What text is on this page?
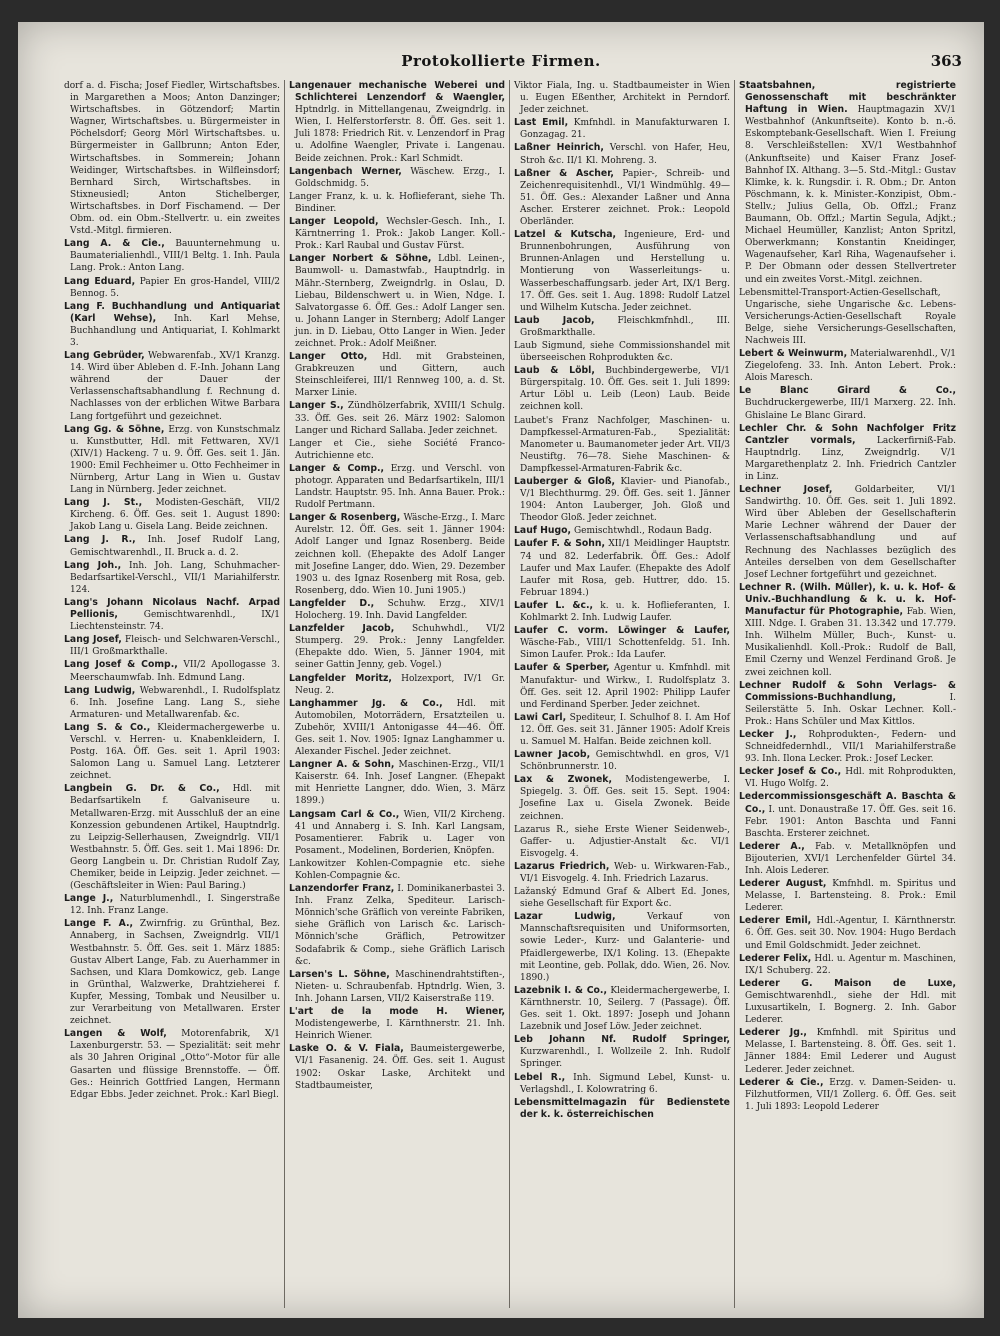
Protokollierte Firmen.	363

dorf a. d. Fischa; Josef Fiedler, Wirtschaftsbes. in Margarethen a Moos; Anton Danzinger; Wirtschaftsbes. in Götzendorf; Martin Wagner, Wirtschaftsbes. u. Bürgermeister in Pöchelsdorf; Georg Mörl Wirtschaftsbes. u. Bürgermeister in Gallbrunn; Anton Eder, Wirtschaftsbes. in Sommerein; Johann Weidinger, Wirtschaftsbes. in Wilfleinsdorf; Bernhard Sirch, Wirtschaftsbes. in Stixneusiedl; Anton Stichelberger, Wirtschaftsbes. in Dorf Fischamend. — Der Obm. od. ein Obm.-Stellvertr. u. ein zweites Vstd.-Mitgl. firmieren.

Lang A. & Cie., Bauunternehmung u. Baumaterialienhdl., VIII/1 Beltg. 1. Inh. Paula Lang. Prok.: Anton Lang.

Lang Eduard, Papier En gros-Handel, VIII/2 Bennog. 5.

Lang F. Buchhandlung und Antiquariat (Karl Wehse), Inh. Karl Mehse, Buchhandlung und Antiquariat, I. Kohlmarkt 3.

Lang Gebrüder, Webwarenfab., XV/1 Kranzg. 14. Wird über Ableben d. F.-Inh. Johann Lang während der Dauer der Verlassenschaftsabhandlung f. Rechnung d. Nachlasses von der erblichen Witwe Barbara Lang fortgeführt und gezeichnet.

Lang Gg. & Söhne, Erzg. von Kunstschmalz u. Kunstbutter, Hdl. mit Fettwaren, XV/1 (XIV/1) Hackeng. 7 u. 9. Öff. Ges. seit 1. Jän. 1900: Emil Fechheimer u. Otto Fechheimer in Nürnberg, Artur Lang in Wien u. Gustav Lang in Nürnberg. Jeder zeichnet.

Lang J. St., Modisten-Geschäft, VII/2 Kircheng. 6. Öff. Ges. seit 1. August 1890: Jakob Lang u. Gisela Lang. Beide zeichnen.

Lang J. R., Inh. Josef Rudolf Lang, Gemischtwarenhdl., II. Bruck a. d. 2.

Lang Joh., Inh. Joh. Lang, Schuhmacher-Bedarfsartikel-Verschl., VII/1 Mariahilferstr. 124.

Lang's Johann Nicolaus Nachf. Arpad Pellionis,	Gemischtwarenhdl., IX/1 Liechtensteinstr. 74.

Lang Josef, Fleisch- und Selchwaren-Verschl., III/1 Großmarkthalle.

Lang Josef & Comp., VII/2 Apollogasse 3. Meerschaumwfab. Inh. Edmund Lang.

Lang Ludwig, Webwarenhdl., I. Rudolfsplatz 6. Inh. Josefine Lang. Lang S., siehe Armaturen- und Metallwarenfab. &c.

Lang S. & Co., Kleidermachergewerbe u. Verschl. v. Herren- u. Knabenkleidern, I. Postg. 16A. Öff. Ges. seit 1. April 1903: Salomon Lang u. Samuel Lang. Letzterer zeichnet.

Langbein G. Dr. & Co., Hdl. mit Bedarfsartikeln f. Galvaniseure u. Metallwaren-Erzg. mit Ausschluß der an eine Konzession gebundenen Artikel, Hauptndrlg. zu Leipzig-Sellerhausen, Zweigndrlg. VII/1 Westbahnstr. 5. Öff. Ges. seit 1. Mai 1896: Dr. Georg Langbein u. Dr. Christian Rudolf Zay, Chemiker, beide in Leipzig. Jeder zeichnet. — (Geschäftsleiter in Wien: Paul Baring.)

Lange J., Naturblumenhdl., I. Singerstraße 12. Inh. Franz Lange.

Lange F. A., Zwirnfrig. zu Grünthal, Bez. Annaberg, in Sachsen, Zweigndrlg. VII/1 Westbahnstr. 5. Öff. Ges. seit 1. März 1885: Gustav Albert Lange, Fab. zu Auerhammer in Sachsen, und Klara Domkowicz, geb. Lange in Grünthal, Walzwerke, Drahtzieherei f. Kupfer, Messing, Tombak und Neusilber u. zur Verarbeitung von Metallwaren. Erster zeichnet.

Langen & Wolf, Motorenfabrik, X/1 Laxenburgerstr. 53. — Spezialität: seit mehr als 30 Jahren Original „Otto“-Motor für alle Gasarten und flüssige Brennstoffe. — Öff. Ges.: Heinrich Gottfried Langen, Hermann Edgar Ebbs. Jeder zeichnet. Prok.: Karl Biegl.

Langenauer mechanische Weberei und Schlichterei Lenzendorf & Waengler, Hptndrlg. in Mittellangenau, Zweigndrlg. in Wien, I. Helferstorferstr. 8. Öff. Ges. seit 1. Juli 1878: Friedrich Rit. v. Lenzendorf in Prag u. Adolfine Waengler, Private i. Langenau. Beide zeichnen. Prok.: Karl Schmidt.

Langenbach Werner, Wäschew. Erzg., I. Goldschmidg. 5.

Langer Franz, k. u. k. Hoflieferant, siehe Th. Bindiner.

Langer Leopold, Wechsler-Gesch. Inh., I. Kärntnerring 1. Prok.: Jakob Langer. Koll.-Prok.: Karl Raubal und Gustav Fürst.

Langer Norbert & Söhne, Ldbl. Leinen-, Baumwoll- u. Damastwfab., Hauptndrlg. in Mähr.-Sternberg, Zweigndrlg. in Oslau, D. Liebau, Bildenschwert u. in Wien, Ndge. I. Salvatorgasse 6. Öff. Ges.: Adolf Langer sen. u. Johann Langer in Sternberg; Adolf Langer jun. in D. Liebau, Otto Langer in Wien. Jeder zeichnet. Prok.: Adolf Meißner.

Langer Otto, Hdl. mit Grabsteinen, Grabkreuzen und Gittern, auch Steinschleiferei, III/1 Rennweg 100, a. d. St. Marxer Linie.

Langer S., Zündhölzerfabrik, XVIII/1 Schulg. 33. Öff. Ges. seit 26. März 1902: Salomon Langer und Richard Sallaba. Jeder zeichnet.

Langer et Cie., siehe Société Franco-Autrichienne etc.

Langer & Comp., Erzg. und Verschl. von photogr. Apparaten und Bedarfsartikeln, III/1 Landstr. Hauptstr. 95. Inh. Anna Bauer. Prok.: Rudolf Pertmann.

Langer & Rosenberg, Wäsche-Erzg., I. Marc Aurelstr. 12. Öff. Ges. seit 1. Jänner 1904: Adolf Langer und Ignaz Rosenberg. Beide zeichnen koll. (Ehepakte des Adolf Langer mit Josefine Langer, ddo. Wien, 29. Dezember 1903 u. des Ignaz Rosenberg mit Rosa, geb. Rosenberg, ddo. Wien 10. Juni 1905.)

Langfelder D., Schuhw. Erzg., XIV/1 Holocherg. 19. Inh. David Langfelder.

Lanzfelder Jacob, Schuhwhdl., VI/2 Stumperg. 29. Prok.: Jenny Langfelder. (Ehepakte ddo. Wien, 5. Jänner 1904, mit seiner Gattin Jenny, geb. Vogel.)

Langfelder Moritz, Holzexport, IV/1 Gr. Neug. 2.

Langhammer Jg. & Co., Hdl. mit Automobilen, Motorrädern, Ersatzteilen u. Zubehör, XVIII/1 Antonigasse 44—46. Öff. Ges. seit 1. Nov. 1905: Ignaz Langhammer u. Alexander Fischel. Jeder zeichnet.

Langner A. & Sohn, Maschinen-Erzg., VII/1 Kaiserstr. 64. Inh. Josef Langner. (Ehepakt mit Henriette Langner, ddo. Wien, 3. März 1899.)

Langsam Carl & Co., Wien, VII/2 Kircheng. 41 und Annaberg i. S. Inh. Karl Langsam, Posamentierer. Fabrik u. Lager von Posament., Modelinen, Borderien, Knöpfen.

Lankowitzer Kohlen-Compagnie etc. siehe Kohlen-Compagnie &c.

Lanzendorfer Franz, I. Dominikanerbastei 3. Inh. Franz Zelka, Spediteur. Larisch-Mönnich'sche Gräflich von vereinte Fabriken, siehe Gräflich von Larisch &c. Larisch-Mönnich'sche Gräflich, Petrowitzer Sodafabrik & Comp., siehe Gräflich Larisch &c.

Larsen's L. Söhne, Maschinendrahtstiften-, Nieten- u. Schraubenfab. Hptndrlg. Wien, 3. Inh. Johann Larsen, VII/2 Kaiserstraße 119.

L'art de la mode H. Wiener, Modistengewerbe, I. Kärnthnerstr. 21. Inh. Heinrich Wiener.

Laske O. & V. Fiala, Baumeistergewerbe, VI/1 Fasanenig. 24. Öff. Ges. seit 1. August 1902: Oskar Laske, Architekt und Stadtbaumeister,

Viktor Fiala, Ing. u. Stadtbaumeister in Wien u. Eugen Eßenther, Architekt in Perndorf. Jeder zeichnet.

Last Emil, Kmfnhdl. in Manufakturwaren I. Gonzagag. 21.

Laßner Heinrich, Verschl. von Hafer, Heu, Stroh &c. II/1 Kl. Mohreng. 3.

Laßner & Ascher, Papier-, Schreib- und Zeichenrequisitenhdl., VI/1 Windmühlg. 49—51. Öff. Ges.: Alexander Laßner und Anna Ascher. Ersterer zeichnet. Prok.: Leopold Oberländer.

Latzel & Kutscha, Ingenieure, Erd- und Brunnenbohrungen, Ausführung von Brunnen-Anlagen und Herstellung u. Montierung von Wasserleitungs- u. Wasserbeschaffungsarb. jeder Art, IX/1 Berg. 17. Öff. Ges. seit 1. Aug. 1898: Rudolf Latzel und Wilhelm Kutscha. Jeder zeichnet.

Laub Jacob,	Fleischkmfnhdl., III. Großmarkthalle.

Laub Sigmund, siehe Commissionshandel mit überseeischen Rohprodukten &c.

Laub & Löbl, Buchbindergewerbe, VI/1 Bürgerspitalg. 10. Öff. Ges. seit 1. Juli 1899: Artur Löbl u. Leib (Leon) Laub. Beide zeichnen koll.

Laubet's Franz Nachfolger, Maschinen- u. Dampfkessel-Armaturen-Fab., Spezialität: Manometer u. Baumanometer jeder Art. VII/3 Neustiftg. 76—78. Siehe Maschinen- & Dampfkessel-Armaturen-Fabrik &c.

Lauberger & Gloß, Klavier- und Pianofab., V/1 Blechthurmg. 29. Öff. Ges. seit 1. Jänner 1904: Anton Lauberger, Joh. Gloß und Theodor Gloß. Jeder zeichnet.

Lauf Hugo, Gemischtwhdl., Rodaun Badg.

Laufer F. & Sohn, XII/1 Meidlinger Hauptstr. 74 und 82. Lederfabrik. Öff. Ges.: Adolf Laufer und Max Laufer. (Ehepakte des Adolf Laufer mit Rosa, geb. Huttrer, ddo. 15. Februar 1894.)

Laufer L. &c., k. u. k. Hoflieferanten, I. Kohlmarkt 2. Inh. Ludwig Laufer.

Laufer C. vorm. Löwinger & Laufer, Wäsche-Fab., VIII/1 Schottenfeldg. 51. Inh. Simon Laufer. Prok.: Ida Laufer.

Laufer & Sperber, Agentur u. Kmfnhdl. mit Manufaktur- und Wirkw., I. Rudolfsplatz 3. Öff. Ges. seit 12. April 1902: Philipp Laufer und Ferdinand Sperber. Jeder zeichnet.

Lawi Carl, Spediteur, I. Schulhof 8. I. Am Hof 12. Öff. Ges. seit 31. Jänner 1905: Adolf Kreis u. Samuel M. Halfan. Beide zeichnen koll.

Lawner Jacob, Gemischtwhdl. en gros, V/1 Schönbrunnerstr. 10.

Lax & Zwonek, Modistengewerbe, I. Spiegelg. 3. Öff. Ges. seit 15. Sept. 1904: Josefine Lax u. Gisela Zwonek. Beide zeichnen.

Lazarus R., siehe Erste Wiener Seidenweb-, Gaffer- u. Adjustier-Anstalt &c. VI/1 Eisvogelg. 4.

Lazarus Friedrich, Web- u. Wirkwaren-Fab., VI/1 Eisvogelg. 4. Inh. Friedrich Lazarus.

Lažanský Edmund Graf & Albert Ed. Jones, siehe Gesellschaft für Export &c.

Lazar Ludwig,	Verkauf von Mannschaftsrequisiten und Uniformsorten, sowie Leder-, Kurz- und Galanterie- und Pfaidlergewerbe, IX/1 Koling. 13. (Ehepakte mit Leontine, geb. Pollak, ddo. Wien, 26. Nov. 1890.)

Lazebnik I. & Co., Kleidermachergewerbe, I. Kärnthnerstr. 10, Seilerg. 7 (Passage). Öff. Ges. seit 1. Okt. 1897: Joseph und Johann Lazebnik und Josef Löw. Jeder zeichnet.

Leb Johann Nf. Rudolf Springer, Kurzwarenhdl., I. Wollzeile 2. Inh. Rudolf Springer.

Lebel R., Inh. Sigmund Lebel, Kunst- u. Verlagshdl., I. Kolowratring 6.

Lebensmittelmagazin für Bedienstete der k. k. österreichischen

Staatsbahnen, registrierte Genossenschaft mit beschränkter Haftung in Wien. Hauptmagazin XV/1 Westbahnhof (Ankunftseite). Konto b. n.-ö. Eskomptebank-Gesellschaft. Wien I. Freiung 8. Verschleißstellen: XV/1 Westbahnhof (Ankunftseite) und Kaiser Franz Josef-Bahnhof IX. Althang. 3—5. Std.-Mitgl.: Gustav Klimke, k. k. Rungsdir. i. R. Obm.; Dr. Anton Pöschmann, k. k. Minister.-Konzipist, Obm.-Stellv.; Julius Gella, Ob. Offzl.; Franz Baumann, Ob. Offzl.; Martin Segula, Adjkt.; Michael Heumüller, Kanzlist; Anton Spritzl, Oberwerkmann; Konstantin Kneidinger, Wagenaufseher, Karl Riha, Wagenaufseher i. P. Der Obmann oder dessen Stellvertreter und ein zweites Vorst.-Mitgl. zeichnen.

Lebensmittel-Transport-Actien-Gesellschaft, Ungarische, siehe Ungarische &c. Lebens-Versicherungs-Actien-Gesellschaft Royale Belge, siehe Versicherungs-Gesellschaften, Nachweis III.

Lebert & Weinwurm, Materialwarenhdl., V/1 Ziegelofeng. 33. Inh. Anton Lebert. Prok.: Alois Maresch.

Le Blanc Girard & Co., Buchdruckergewerbe, III/1 Marxerg. 22. Inh. Ghislaine Le Blanc Girard.

Lechler Chr. & Sohn Nachfolger Fritz Cantzler vormals, Lackerfirniß-Fab. Hauptndrlg. Linz, Zweigndrlg. V/1 Margarethenplatz 2. Inh. Friedrich Cantzler in Linz.

Lechner Josef, Goldarbeiter, VI/1 Sandwirthg. 10. Öff. Ges. seit 1. Juli 1892. Wird über Ableben der Gesellschafterin Marie Lechner während der Dauer der Verlassenschaftsabhandlung und auf Rechnung des Nachlasses bezüglich des Anteiles derselben von dem Gesellschafter Josef Lechner fortgeführt und gezeichnet.

Lechner R. (Wilh. Müller), k. u. k. Hof- & Univ.-Buchhandlung & k. u. k. Hof-Manufactur für Photographie, Fab. Wien, XIII. Ndge. I. Graben 31. 13.342 und 17.779. Inh. Wilhelm Müller, Buch-, Kunst- u. Musikalienhdl. Koll.-Prok.: Rudolf de Ball, Emil Czerny und Wenzel Ferdinand Groß. Je zwei zeichnen koll.

Lechner Rudolf & Sohn Verlags- & Commissions-Buchhandlung,	I. Seilerstätte 5. Inh. Oskar Lechner. Koll.-Prok.: Hans Schüler und Max Kittlos.

Lecker J., Rohprodukten-, Federn- und Schneidfedernhdl., VII/1 Mariahilferstraße 93. Inh. Ilona Lecker. Prok.: Josef Lecker.

Lecker Josef & Co., Hdl. mit Rohprodukten, VI. Hugo Wolfg. 2.

Ledercommissionsgeschäft A. Baschta & Co., I. unt. Donaustraße 17. Öff. Ges. seit 16. Febr. 1901: Anton Baschta und Fanni Baschta. Ersterer zeichnet.

Lederer A., Fab. v. Metallknöpfen und Bijouterien, XVI/1 Lerchenfelder Gürtel 34. Inh. Alois Lederer.

Lederer August, Kmfnhdl. m. Spiritus und Melasse, I. Bartensteing. 8. Prok.: Emil Lederer.

Lederer Emil, Hdl.-Agentur, I. Kärnthnerstr. 6. Öff. Ges. seit 30. Nov. 1904: Hugo Berdach und Emil Goldschmidt. Jeder zeichnet.

Lederer Felix, Hdl. u. Agentur m. Maschinen, IX/1 Schuberg. 22.

Lederer G. Maison de Luxe, Gemischtwarenhdl., siehe der Hdl. mit Luxusartikeln, I. Bognerg. 2. Inh. Gabor Lederer.

Lederer Jg., Kmfnhdl. mit Spiritus und Melasse, I. Bartensteing. 8. Öff. Ges. seit 1. Jänner 1884: Emil Lederer und August Lederer. Jeder zeichnet.

Lederer & Cie., Erzg. v. Damen-Seiden- u. Filzhutformen, VII/1 Zollerg. 6. Öff. Ges. seit 1. Juli 1893: Leopold Lederer
